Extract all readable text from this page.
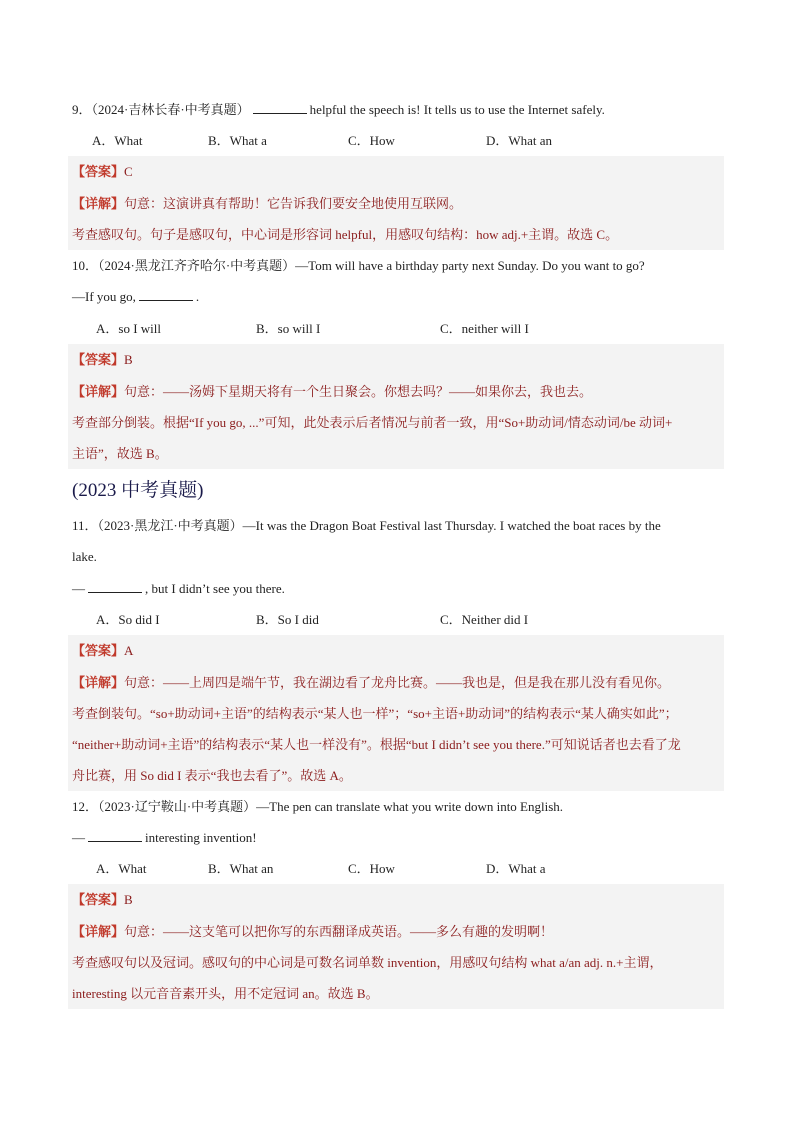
9．（2024·吉林长春·中考真题）	helpful the speech is! It tells us to use the Internet safely.
A．What	B．What a	C．How	D．What an
【答案】C
【详解】句意：这演讲真有帮助！它告诉我们要安全地使用互联网。
考查感叹句。句子是感叹句，中心词是形容词 helpful，用感叹句结构：how adj.+主谓。故选 C。
10．（2024·黑龙江齐齐哈尔·中考真题）—Tom will have a birthday party next Sunday. Do you want to go?
—If you go,	.
A．so I will	B．so will I	C．neither will I
【答案】B
【详解】句意：——汤姆下星期天将有一个生日聚会。你想去吗？——如果你去，我也去。
考查部分倒装。根据“If you go, ...”可知，此处表示后者情况与前者一致，用“So+助动词/情态动词/be 动词+
主语”，故选 B。
(2023 中考真题)
11．（2023·黑龙江·中考真题）—It was the Dragon Boat Festival last Thursday. I watched the boat races by the
lake.
—	, but I didn’t see you there.
A．So did I	B．So I did	C．Neither did I
【答案】A
【详解】句意：——上周四是端午节，我在湖边看了龙舟比赛。——我也是，但是我在那儿没有看见你。
考查倒装句。“so+助动词+主语”的结构表示“某人也一样”；“so+主语+助动词”的结构表示“某人确实如此”；
“neither+助动词+主语”的结构表示“某人也一样没有”。根据“but I didn’t see you there.”可知说话者也去看了龙
舟比赛，用 So did I 表示“我也去看了”。故选 A。
12．（2023·辽宁鞍山·中考真题）—The pen can translate what you write down into English.
—	interesting invention!
A．What	B．What an	C．How	D．What a
【答案】B
【详解】句意：——这支笔可以把你写的东西翻译成英语。——多么有趣的发明啊！
考查感叹句以及冠词。感叹句的中心词是可数名词单数 invention，用感叹句结构 what a/an adj. n.+主谓，
interesting 以元音音素开头，用不定冠词 an。故选 B。
